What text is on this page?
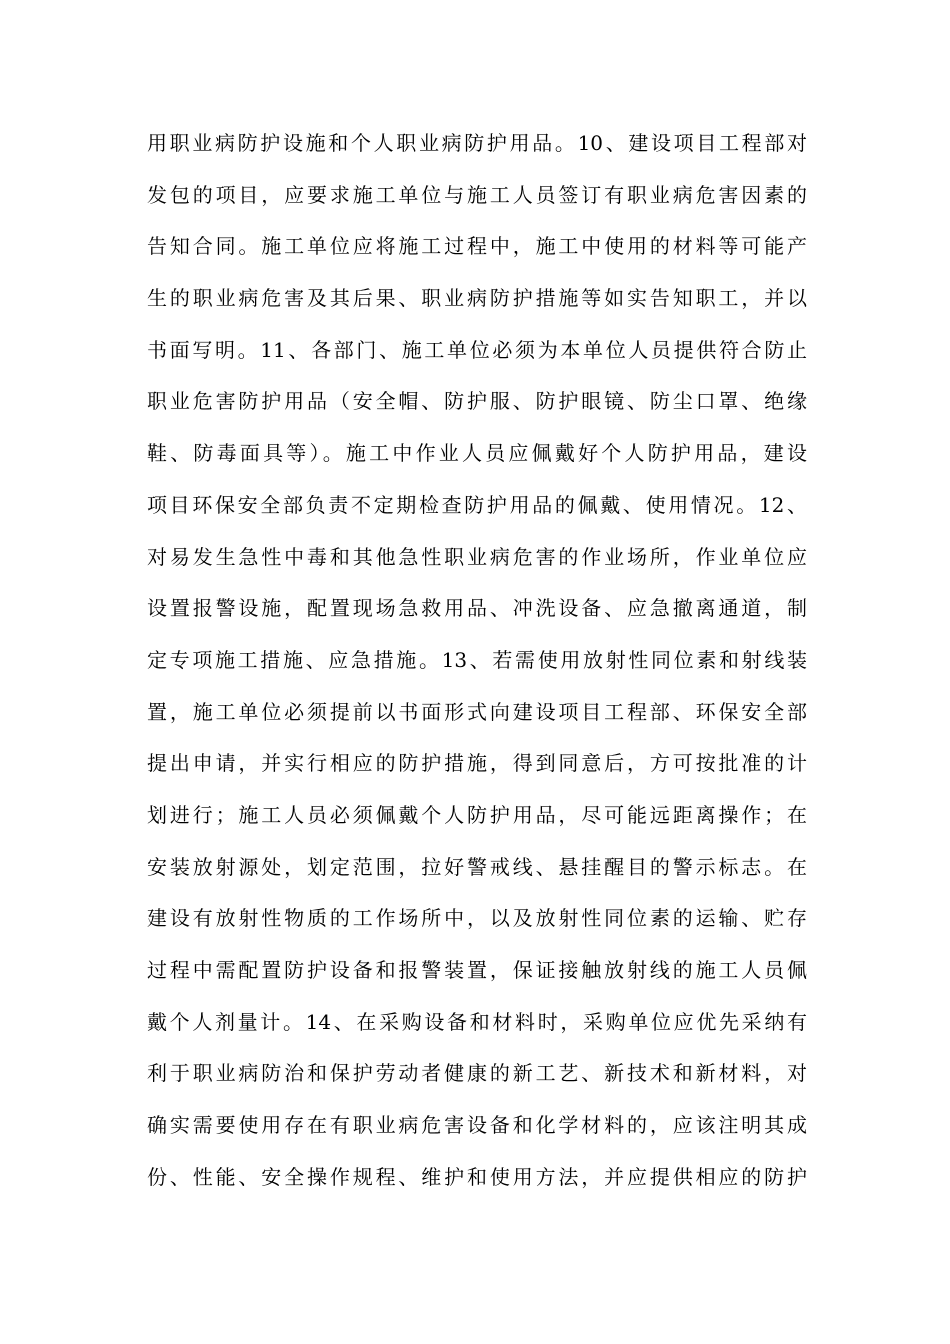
用职业病防护设施和个人职业病防护用品。10、建设项目工程部对
发包的项目，应要求施工单位与施工人员签订有职业病危害因素的
告知合同。施工单位应将施工过程中，施工中使用的材料等可能产
生的职业病危害及其后果、职业病防护措施等如实告知职工，并以
书面写明。11、各部门、施工单位必须为本单位人员提供符合防止
职业危害防护用品（安全帽、防护服、防护眼镜、防尘口罩、绝缘
鞋、防毒面具等）。施工中作业人员应佩戴好个人防护用品，建设
项目环保安全部负责不定期检查防护用品的佩戴、使用情况。12、
对易发生急性中毒和其他急性职业病危害的作业场所，作业单位应
设置报警设施，配置现场急救用品、冲洗设备、应急撤离通道，制
定专项施工措施、应急措施。13、若需使用放射性同位素和射线装
置，施工单位必须提前以书面形式向建设项目工程部、环保安全部
提出申请，并实行相应的防护措施，得到同意后，方可按批准的计
划进行；施工人员必须佩戴个人防护用品，尽可能远距离操作；在
安装放射源处，划定范围，拉好警戒线、悬挂醒目的警示标志。在
建设有放射性物质的工作场所中，以及放射性同位素的运输、贮存
过程中需配置防护设备和报警装置，保证接触放射线的施工人员佩
戴个人剂量计。14、在采购设备和材料时，采购单位应优先采纳有
利于职业病防治和保护劳动者健康的新工艺、新技术和新材料，对
确实需要使用存在有职业病危害设备和化学材料的，应该注明其成
份、性能、安全操作规程、维护和使用方法，并应提供相应的防护
